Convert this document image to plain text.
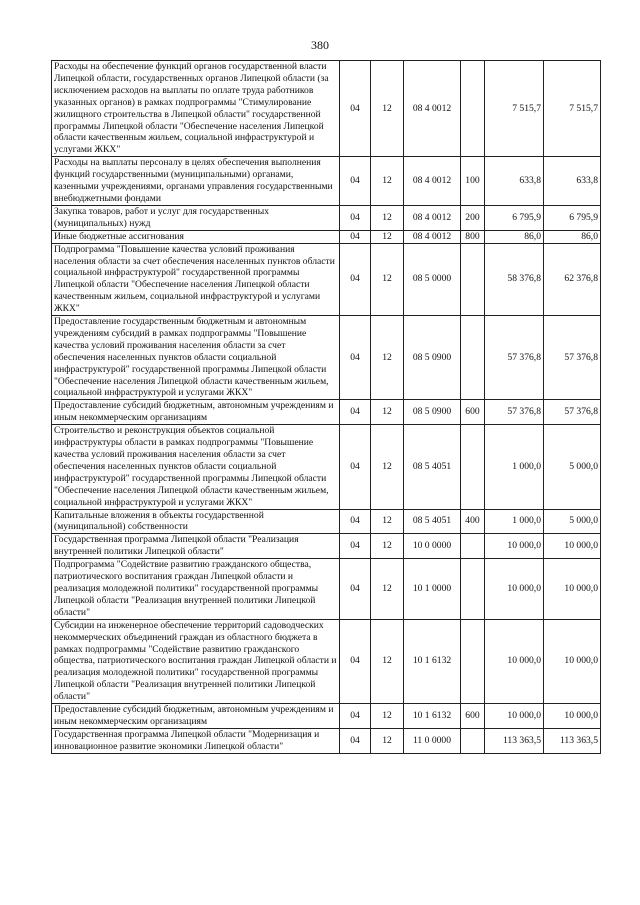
380
Расходы на обеспечение функций органов государственной власти Липецкой области, государственных органов Липецкой области (за исключением расходов на выплаты по оплате труда работников указанных органов) в рамках подпрограммы "Стимулирование жилищного строительства в Липецкой области" государственной программы Липецкой области "Обеспечение населения Липецкой области качественным жильем, социальной инфраструктурой и услугами ЖКХ"	04	12	08 4 0012		7 515,7	7 515,7
Расходы на выплаты персоналу в целях обеспечения выполнения функций государственными (муниципальными) органами, казенными учреждениями, органами управления государственными внебюджетными фондами	04	12	08 4 0012	100	633,8	633,8
Закупка товаров, работ и услуг для государственных (муниципальных) нужд	04	12	08 4 0012	200	6 795,9	6 795,9
Иные бюджетные ассигнования	04	12	08 4 0012	800	86,0	86,0
Подпрограмма "Повышение качества условий проживания населения области за счет обеспечения населенных пунктов области социальной инфраструктурой" государственной программы Липецкой области "Обеспечение населения Липецкой области качественным жильем, социальной инфраструктурой и услугами ЖКХ"	04	12	08 5 0000		58 376,8	62 376,8
Предоставление государственным бюджетным и автономным учреждениям субсидий в рамках подпрограммы "Повышение качества условий проживания населения области за счет обеспечения населенных пунктов области социальной инфраструктурой" государственной программы Липецкой области "Обеспечение населения Липецкой области качественным жильем, социальной инфраструктурой и услугами ЖКХ"	04	12	08 5 0900		57 376,8	57 376,8
Предоставление субсидий бюджетным, автономным учреждениям и иным некоммерческим организациям	04	12	08 5 0900	600	57 376,8	57 376,8
Строительство и реконструкция объектов социальной инфраструктуры области в рамках подпрограммы "Повышение качества условий проживания населения области за счет обеспечения населенных пунктов области социальной инфраструктурой" государственной программы Липецкой области "Обеспечение населения Липецкой области качественным жильем, социальной инфраструктурой и услугами ЖКХ"	04	12	08 5 4051		1 000,0	5 000,0
Капитальные вложения в объекты государственной (муниципальной) собственности	04	12	08 5 4051	400	1 000,0	5 000,0
Государственная программа Липецкой области "Реализация внутренней политики Липецкой области"	04	12	10 0 0000		10 000,0	10 000,0
Подпрограмма "Содействие развитию гражданского общества, патриотического воспитания граждан Липецкой области и реализация молодежной политики" государственной программы Липецкой области "Реализация внутренней политики Липецкой области"	04	12	10 1 0000		10 000,0	10 000,0
Субсидии на инженерное обеспечение территорий садоводческих некоммерческих объединений граждан из областного бюджета в рамках подпрограммы "Содействие развитию гражданского общества, патриотического воспитания граждан Липецкой области и реализация молодежной политики" государственной программы Липецкой области "Реализация внутренней политики Липецкой области"	04	12	10 1 6132		10 000,0	10 000,0
Предоставление субсидий бюджетным, автономным учреждениям и иным некоммерческим организациям	04	12	10 1 6132	600	10 000,0	10 000,0
Государственная программа Липецкой области "Модернизация и инновационное развитие экономики Липецкой области"	04	12	11 0 0000		113 363,5	113 363,5
